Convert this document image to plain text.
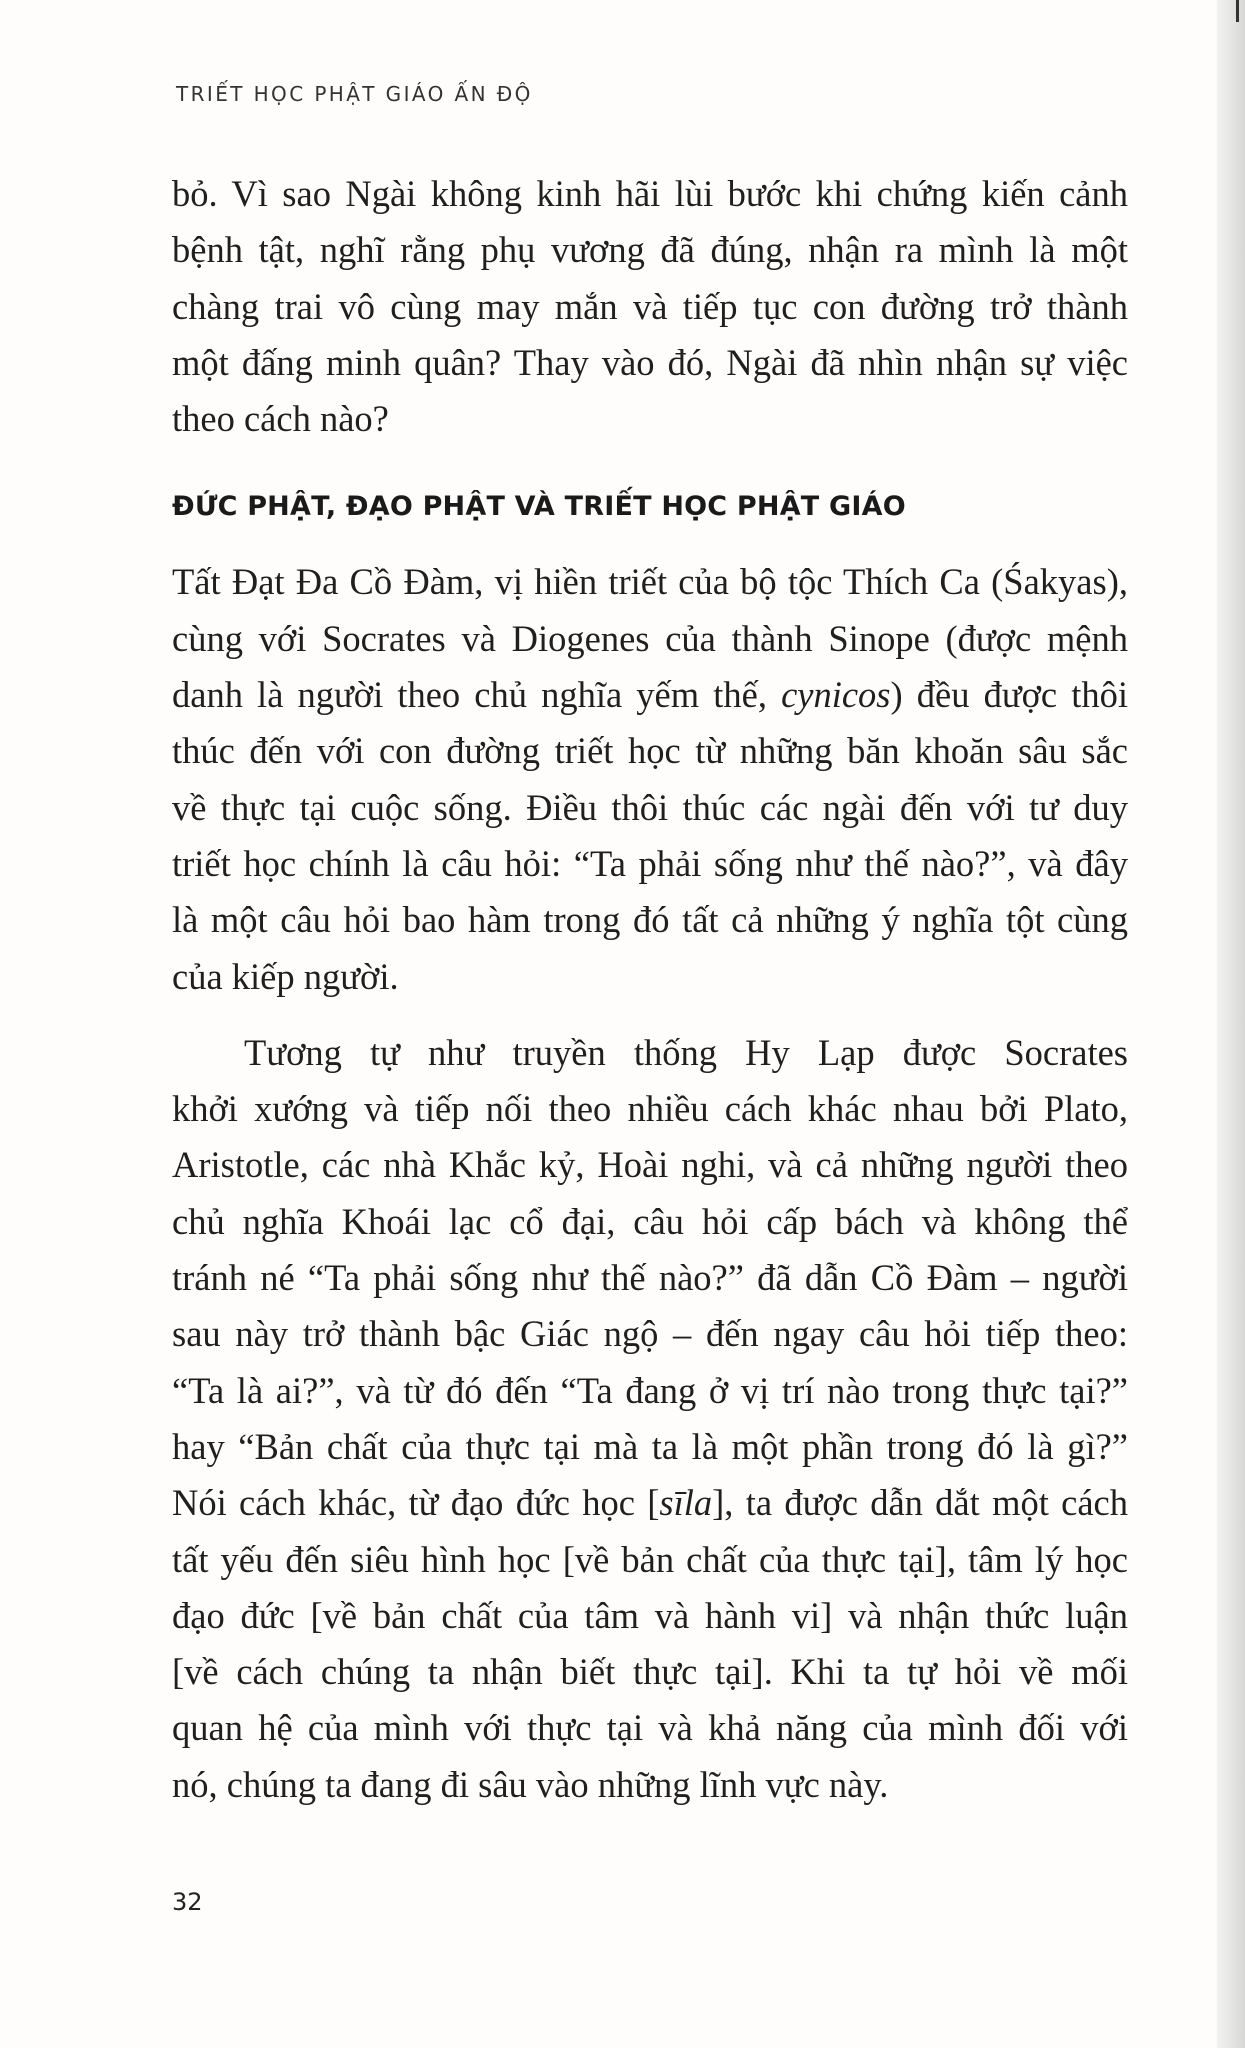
TRIẾT HỌC PHẬT GIÁO ẤN ĐỘ
bỏ. Vì sao Ngài không kinh hãi lùi bước khi chứng kiến cảnh
bệnh tật, nghĩ rằng phụ vương đã đúng, nhận ra mình là một
chàng trai vô cùng may mắn và tiếp tục con đường trở thành
một đấng minh quân? Thay vào đó, Ngài đã nhìn nhận sự việc
theo cách nào?
ĐỨC PHẬT, ĐẠO PHẬT VÀ TRIẾT HỌC PHẬT GIÁO
Tất Đạt Đa Cồ Đàm, vị hiền triết của bộ tộc Thích Ca (Śakyas),
cùng với Socrates và Diogenes của thành Sinope (được mệnh
danh là người theo chủ nghĩa yếm thế, cynicos) đều được thôi
thúc đến với con đường triết học từ những băn khoăn sâu sắc
về thực tại cuộc sống. Điều thôi thúc các ngài đến với tư duy
triết học chính là câu hỏi: “Ta phải sống như thế nào?”, và đây
là một câu hỏi bao hàm trong đó tất cả những ý nghĩa tột cùng
của kiếp người.
Tương tự như truyền thống Hy Lạp được Socrates
khởi xướng và tiếp nối theo nhiều cách khác nhau bởi Plato,
Aristotle, các nhà Khắc kỷ, Hoài nghi, và cả những người theo
chủ nghĩa Khoái lạc cổ đại, câu hỏi cấp bách và không thể
tránh né “Ta phải sống như thế nào?” đã dẫn Cồ Đàm – người
sau này trở thành bậc Giác ngộ – đến ngay câu hỏi tiếp theo:
“Ta là ai?”, và từ đó đến “Ta đang ở vị trí nào trong thực tại?”
hay “Bản chất của thực tại mà ta là một phần trong đó là gì?”
Nói cách khác, từ đạo đức học [sīla], ta được dẫn dắt một cách
tất yếu đến siêu hình học [về bản chất của thực tại], tâm lý học
đạo đức [về bản chất của tâm và hành vi] và nhận thức luận
[về cách chúng ta nhận biết thực tại]. Khi ta tự hỏi về mối
quan hệ của mình với thực tại và khả năng của mình đối với
nó, chúng ta đang đi sâu vào những lĩnh vực này.
32
